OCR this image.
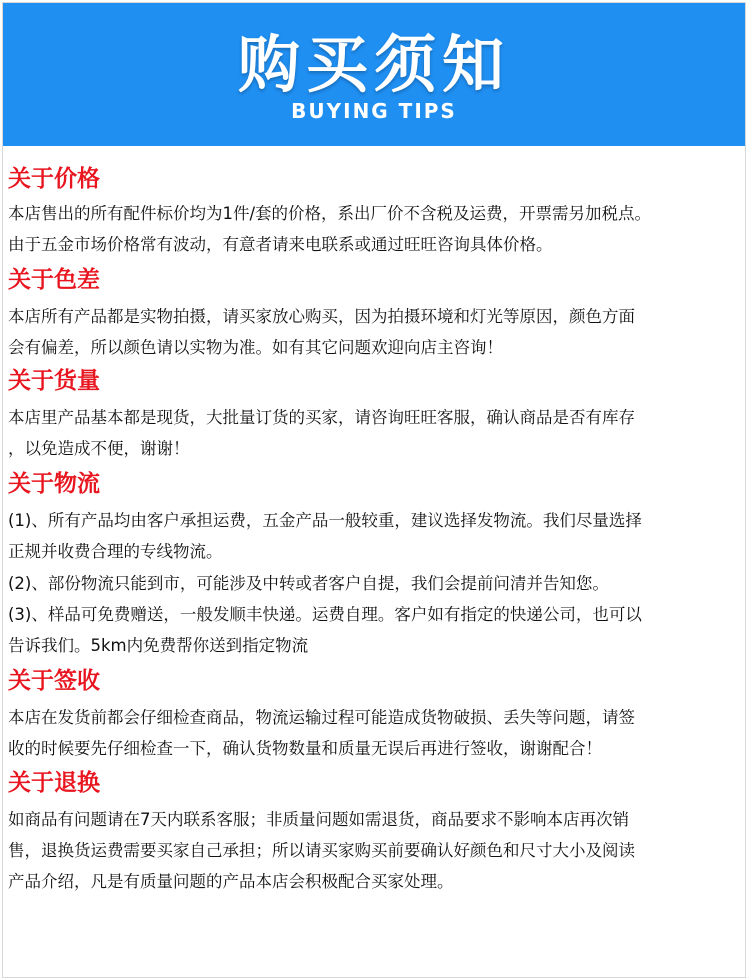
购买须知
BUYING TIPS
关于价格
本店售出的所有配件标价均为1件/套的价格，系出厂价不含税及运费，开票需另加税点。
由于五金市场价格常有波动，有意者请来电联系或通过旺旺咨询具体价格。
关于色差
本店所有产品都是实物拍摄，请买家放心购买，因为拍摄环境和灯光等原因，颜色方面
会有偏差，所以颜色请以实物为准。如有其它问题欢迎向店主咨询！
关于货量
本店里产品基本都是现货，大批量订货的买家，请咨询旺旺客服，确认商品是否有库存
，以免造成不便，谢谢！
关于物流
(1)、所有产品均由客户承担运费，五金产品一般较重，建议选择发物流。我们尽量选择
正规并收费合理的专线物流。
(2)、部份物流只能到市，可能涉及中转或者客户自提，我们会提前问清并告知您。
(3)、样品可免费赠送，一般发顺丰快递。运费自理。客户如有指定的快递公司，也可以
告诉我们。5km内免费帮你送到指定物流
关于签收
本店在发货前都会仔细检查商品，物流运输过程可能造成货物破损、丢失等问题，请签
收的时候要先仔细检查一下，确认货物数量和质量无误后再进行签收，谢谢配合！
关于退换
如商品有问题请在7天内联系客服；非质量问题如需退货，商品要求不影响本店再次销
售，退换货运费需要买家自己承担；所以请买家购买前要确认好颜色和尺寸大小及阅读
产品介绍，凡是有质量问题的产品本店会积极配合买家处理。
